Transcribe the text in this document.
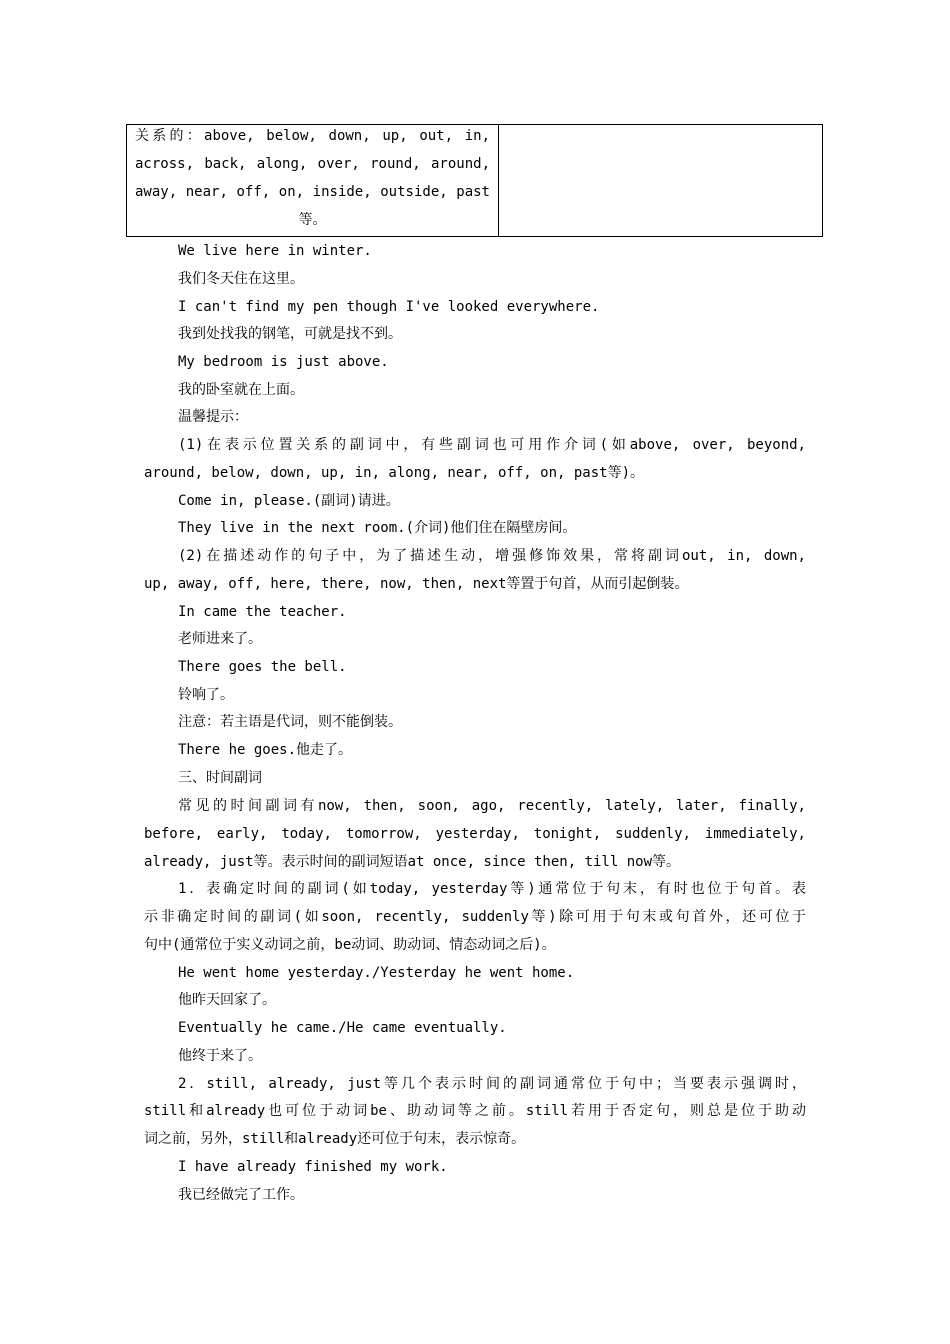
关系的：above, below, down, up, out, in,
across, back, along, over, round, around,
away, near, off, on, inside, outside, past
等。
We live here in winter.
我们冬天住在这里。
I can't find my pen though I've looked everywhere.
我到处找我的钢笔，可就是找不到。
My bedroom is just above.
我的卧室就在上面。
温馨提示：
(1)在表示位置关系的副词中，有些副词也可用作介词(如above, over, beyond,
around, below, down, up, in, along, near, off, on, past等)。
Come in, please.(副词)请进。
They live in the next room.(介词)他们住在隔壁房间。
(2)在描述动作的句子中，为了描述生动，增强修饰效果，常将副词out, in, down,
up, away, off, here, there, now, then, next等置于句首，从而引起倒装。
In came the teacher.
老师进来了。
There goes the bell.
铃响了。
注意：若主语是代词，则不能倒装。
There he goes.他走了。
三、时间副词
常见的时间副词有now, then, soon, ago, recently, lately, later, finally,
before, early, today, tomorrow, yesterday, tonight, suddenly, immediately,
already, just等。表示时间的副词短语at once, since then, till now等。
1．表确定时间的副词(如today, yesterday等)通常位于句末，有时也位于句首。表
示非确定时间的副词(如soon, recently, suddenly等)除可用于句末或句首外，还可位于
句中(通常位于实义动词之前，be动词、助动词、情态动词之后)。
He went home yesterday./Yesterday he went home.
他昨天回家了。
Eventually he came./He came eventually.
他终于来了。
2．still, already, just等几个表示时间的副词通常位于句中；当要表示强调时，
still和already也可位于动词be、助动词等之前。still若用于否定句，则总是位于助动
词之前，另外，still和already还可位于句末，表示惊奇。
I have already finished my work.
我已经做完了工作。
